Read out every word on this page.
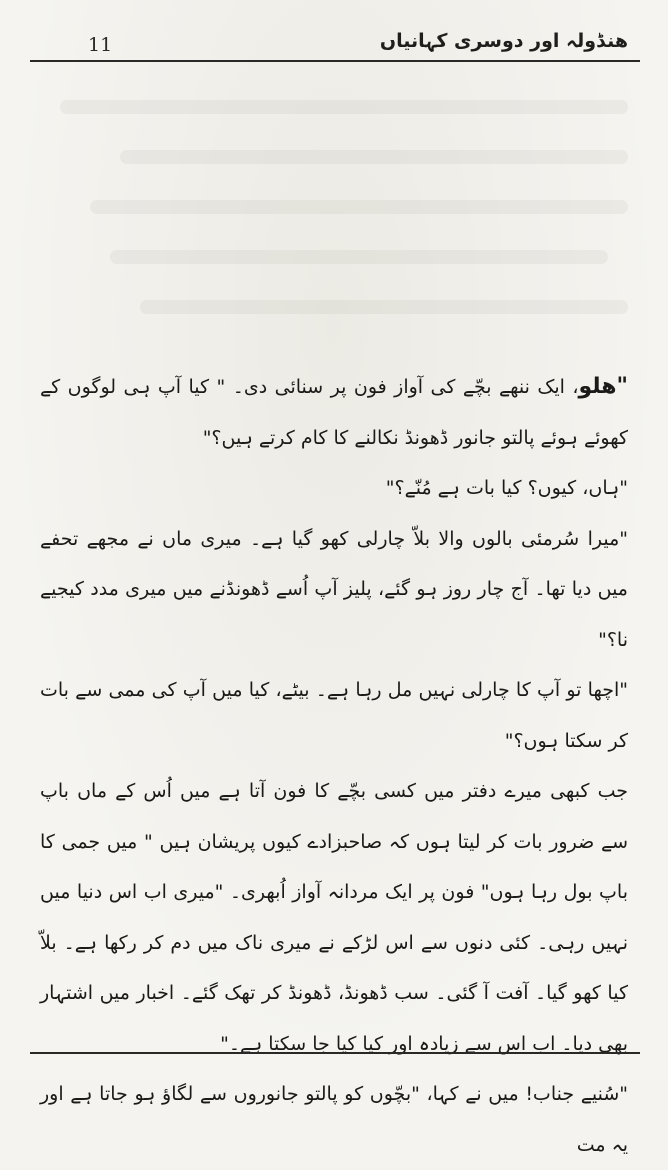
11	ھنڈولہ اور دوسری کہانیاں

"ھلو، ایک ننھے بچّے کی آواز فون پر سنائی دی۔ " کیا آپ ہی لوگوں کے کھوئے ہوئے پالتو جانور ڈھونڈ نکالنے کا کام کرتے ہیں؟"

"ہاں، کیوں؟ کیا بات ہے مُنّے؟"

"میرا سُرمئی بالوں والا بلاّ چارلی کھو گیا ہے۔ میری ماں نے مجھے تحفے میں دیا تھا۔ آج چار روز ہو گئے، پلیز آپ اُسے ڈھونڈنے میں میری مدد کیجیے نا؟"

"اچھا تو آپ کا چارلی نہیں مل رہا ہے۔ بیٹے، کیا میں آپ کی ممی سے بات کر سکتا ہوں؟"

جب کبھی میرے دفتر میں کسی بچّے کا فون آتا ہے میں اُس کے ماں باپ سے ضرور بات کر لیتا ہوں کہ صاحبزادے کیوں پریشان ہیں " میں جمی کا باپ بول رہا ہوں" فون پر ایک مردانہ آواز اُبھری۔ "میری اب اس دنیا میں نہیں رہی۔ کئی دنوں سے اس لڑکے نے میری ناک میں دم کر رکھا ہے۔ بلاّ کیا کھو گیا۔ آفت آ گئی۔ سب ڈھونڈ، ڈھونڈ کر تھک گئے۔ اخبار میں اشتہار بھی دیا۔ اب اس سے زیادہ اور کیا کیا جا سکتا ہے۔"

"سُنیے جناب! میں نے کہا، "بچّوں کو پالتو جانوروں سے لگاؤ ہو جاتا ہے اور یہ مت
